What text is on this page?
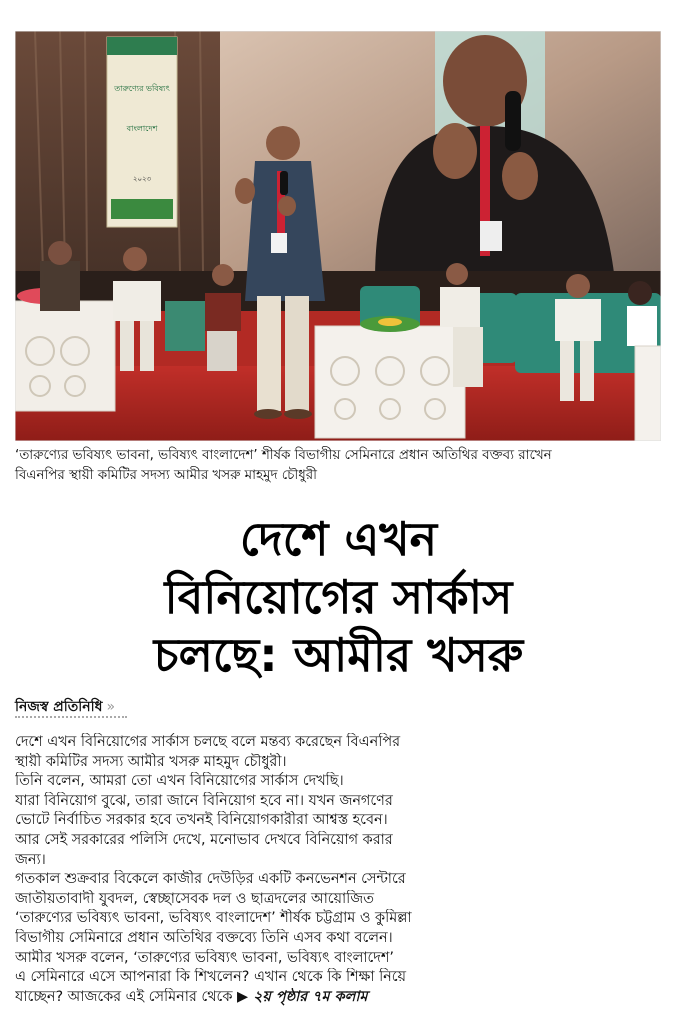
তারুণ্যের ভবিষ্যৎ
বাংলাদেশ
২০২৩

‘তারুণ্যের ভবিষ্যৎ ভাবনা, ভবিষ্যৎ বাংলাদেশ’ শীর্ষক বিভাগীয় সেমিনারে প্রধান অতিথির বক্তব্য রাখেন

বিএনপির স্থায়ী কমিটির সদস্য আমীর খসরু মাহমুদ চৌধুরী

দেশে এখন
বিনিয়োগের সার্কাস
চলছে: আমীর খসরু
নিজস্ব প্রতিনিধি »

দেশে এখন বিনিয়োগের সার্কাস চলছে বলে মন্তব্য করেছেন বিএনপির

স্থায়ী কমিটির সদস্য আমীর খসরু মাহমুদ চৌধুরী।

তিনি বলেন, আমরা তো এখন বিনিয়োগের সার্কাস দেখছি।

যারা বিনিয়োগ বুঝে, তারা জানে বিনিয়োগ হবে না। যখন জনগণের

ভোটে নির্বাচিত সরকার হবে তখনই বিনিয়োগকারীরা আশ্বস্ত হবেন।

আর সেই সরকারের পলিসি দেখে, মনোভাব দেখবে বিনিয়োগ করার

জন্য।

গতকাল শুক্রবার বিকেলে কাজীর দেউড়ির একটি কনভেনশন সেন্টারে

জাতীয়তাবাদী যুবদল, স্বেচ্ছাসেবক দল ও ছাত্রদলের আয়োজিত

‘তারুণ্যের ভবিষ্যৎ ভাবনা, ভবিষ্যৎ বাংলাদেশ’ শীর্ষক চট্টগ্রাম ও কুমিল্লা

বিভাগীয় সেমিনারে প্রধান অতিথির বক্তব্যে তিনি এসব কথা বলেন।

আমীর খসরু বলেন, ‘তারুণ্যের ভবিষ্যৎ ভাবনা, ভবিষ্যৎ বাংলাদেশ’

এ সেমিনারে এসে আপনারা কি শিখলেন? এখান থেকে কি শিক্ষা নিয়ে

যাচ্ছেন? আজকের এই সেমিনার থেকে ▶ ২য় পৃষ্ঠার ৭ম কলাম
